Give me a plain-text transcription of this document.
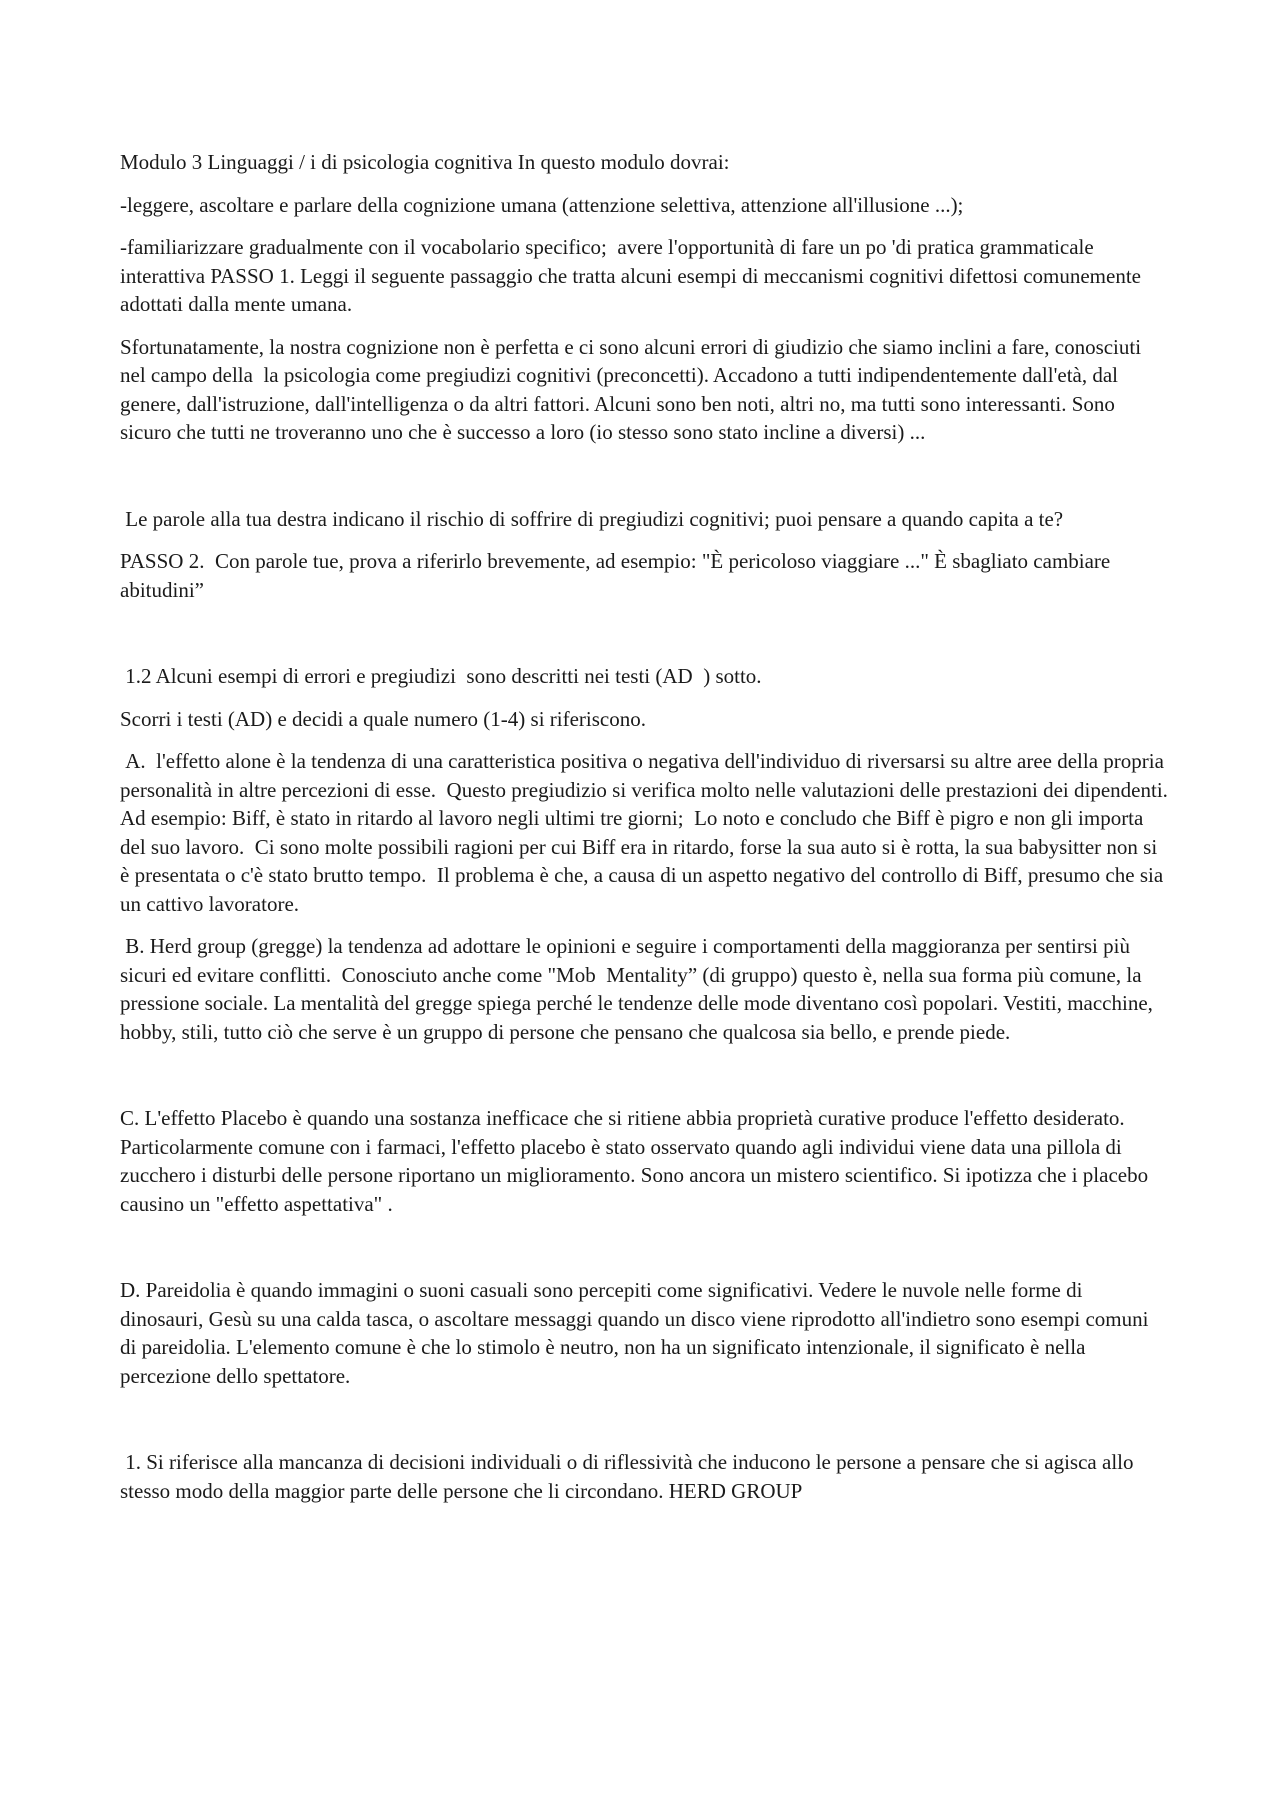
Modulo 3 Linguaggi / i di psicologia cognitiva In questo modulo dovrai:

-leggere, ascoltare e parlare della cognizione umana (attenzione selettiva, attenzione all'illusione ...);

-familiarizzare gradualmente con il vocabolario specifico;  avere l'opportunità di fare un po 'di pratica grammaticale interattiva PASSO 1. Leggi il seguente passaggio che tratta alcuni esempi di meccanismi cognitivi difettosi comunemente adottati dalla mente umana.

Sfortunatamente, la nostra cognizione non è perfetta e ci sono alcuni errori di giudizio che siamo inclini a fare, conosciuti nel campo della  la psicologia come pregiudizi cognitivi (preconcetti). Accadono a tutti indipendentemente dall'età, dal genere, dall'istruzione, dall'intelligenza o da altri fattori. Alcuni sono ben noti, altri no, ma tutti sono interessanti. Sono sicuro che tutti ne troveranno uno che è successo a loro (io stesso sono stato incline a diversi) ...

Le parole alla tua destra indicano il rischio di soffrire di pregiudizi cognitivi; puoi pensare a quando capita a te?

PASSO 2.  Con parole tue, prova a riferirlo brevemente, ad esempio: "È pericoloso viaggiare ..." È sbagliato cambiare abitudini”

1.2 Alcuni esempi di errori e pregiudizi  sono descritti nei testi (AD  ) sotto.

Scorri i testi (AD) e decidi a quale numero (1-4) si riferiscono.

A.  l'effetto alone è la tendenza di una caratteristica positiva o negativa dell'individuo di riversarsi su altre aree della propria personalità in altre percezioni di esse.  Questo pregiudizio si verifica molto nelle valutazioni delle prestazioni dei dipendenti.  Ad esempio: Biff, è stato in ritardo al lavoro negli ultimi tre giorni;  Lo noto e concludo che Biff è pigro e non gli importa del suo lavoro.  Ci sono molte possibili ragioni per cui Biff era in ritardo, forse la sua auto si è rotta, la sua babysitter non si è presentata o c'è stato brutto tempo.  Il problema è che, a causa di un aspetto negativo del controllo di Biff, presumo che sia un cattivo lavoratore.

B. Herd group (gregge) la tendenza ad adottare le opinioni e seguire i comportamenti della maggioranza per sentirsi più sicuri ed evitare conflitti.  Conosciuto anche come "Mob  Mentality” (di gruppo) questo è, nella sua forma più comune, la pressione sociale. La mentalità del gregge spiega perché le tendenze delle mode diventano così popolari. Vestiti, macchine, hobby, stili, tutto ciò che serve è un gruppo di persone che pensano che qualcosa sia bello, e prende piede.

C. L'effetto Placebo è quando una sostanza inefficace che si ritiene abbia proprietà curative produce l'effetto desiderato. Particolarmente comune con i farmaci, l'effetto placebo è stato osservato quando agli individui viene data una pillola di zucchero i disturbi delle persone riportano un miglioramento. Sono ancora un mistero scientifico. Si ipotizza che i placebo causino un "effetto aspettativa" .

D. Pareidolia è quando immagini o suoni casuali sono percepiti come significativi. Vedere le nuvole nelle forme di dinosauri, Gesù su una calda tasca, o ascoltare messaggi quando un disco viene riprodotto all'indietro sono esempi comuni di pareidolia. L'elemento comune è che lo stimolo è neutro, non ha un significato intenzionale, il significato è nella percezione dello spettatore.

1. Si riferisce alla mancanza di decisioni individuali o di riflessività che inducono le persone a pensare che si agisca allo stesso modo della maggior parte delle persone che li circondano. HERD GROUP
